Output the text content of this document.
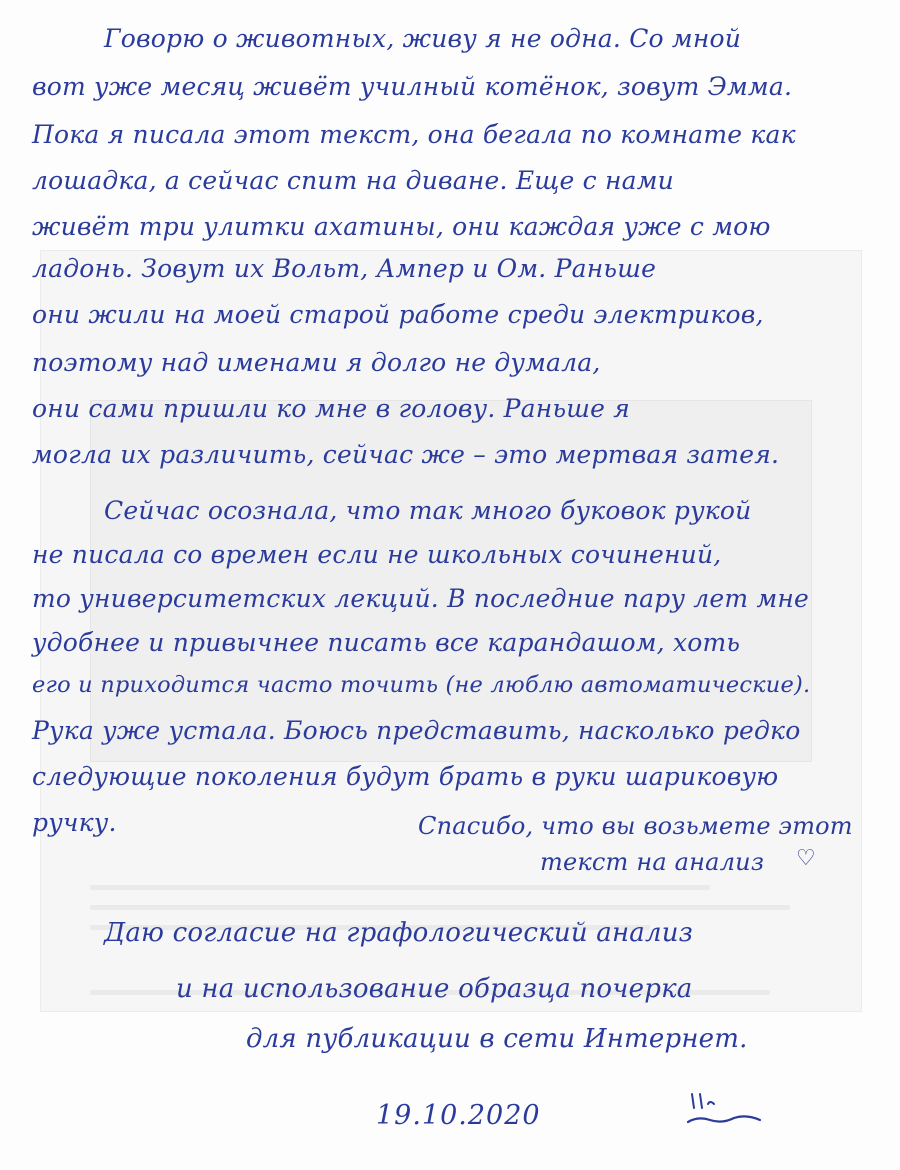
Говорю о животных, живу я не одна. Со мной

вот уже месяц живёт училный котёнок, зовут Эмма.

Пока я писала этот текст, она бегала по комнате как

лошадка, а сейчас спит на диване. Еще с нами

живёт три улитки ахатины, они каждая уже с мою

ладонь. Зовут их Вольт, Ампер и Ом. Раньше

они жили на моей старой работе среди электриков,

поэтому над именами я долго не думала,

они сами пришли ко мне в голову. Раньше я

могла их различить, сейчас же – это мертвая затея.

Сейчас осознала, что так много буковок рукой

не писала со времен если не школьных сочинений,

то университетских лекций. В последние пару лет мне

удобнее и привычнее писать все карандашом, хоть

его и приходится часто точить (не люблю автоматические).

Рука уже устала. Боюсь представить, насколько редко

следующие поколения будут брать в руки шариковую

ручку.	Спасибо, что вы возьмете этот

текст на анализ ♡

Даю согласие на графологический анализ

и на использование образца почерка

для публикации в сети Интернет.

19.10.2020
